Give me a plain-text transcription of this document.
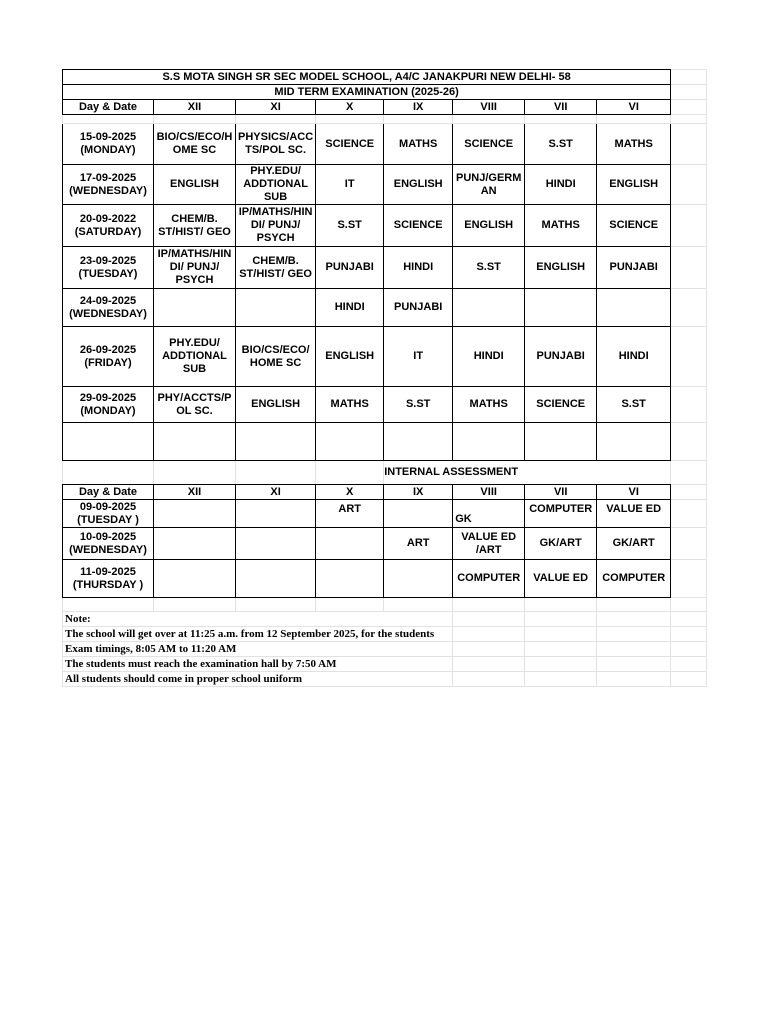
S.S MOTA SINGH SR SEC MODEL SCHOOL, A4/C JANAKPURI NEW DELHI- 58								
MID TERM EXAMINATION (2025-26)								
Day & Date	XII	XI	X	IX	VIII	VII	VI	

15-09-2025
(MONDAY)	BIO/CS/ECO/H OME SC	PHYSICS/ACC TS/POL SC.	SCIENCE	MATHS	SCIENCE	S.ST	MATHS	
17-09-2025
(WEDNESDAY)	ENGLISH	PHY.EDU/ ADDTIONAL SUB	IT	ENGLISH	PUNJ/GERM AN	HINDI	ENGLISH	
20-09-2022
(SATURDAY)	CHEM/B. ST/HIST/ GEO	IP/MATHS/HIN DI/ PUNJ/ PSYCH	S.ST	SCIENCE	ENGLISH	MATHS	SCIENCE	
23-09-2025
(TUESDAY)	IP/MATHS/HIN DI/ PUNJ/ PSYCH	CHEM/B. ST/HIST/ GEO	PUNJABI	HINDI	S.ST	ENGLISH	PUNJABI	
24-09-2025
(WEDNESDAY)			HINDI	PUNJABI				
26-09-2025
(FRIDAY)	PHY.EDU/ ADDTIONAL SUB	BIO/CS/ECO/ HOME SC	ENGLISH	IT	HINDI	PUNJABI	HINDI	
29-09-2025
(MONDAY)	PHY/ACCTS/P OL SC.	ENGLISH	MATHS	S.ST	MATHS	SCIENCE	S.ST	

				INTERNAL ASSESSMENT				
Day & Date	XII	XI	X	IX	VIII	VII	VI	
09-09-2025
(TUESDAY )			ART		GK	COMPUTER	VALUE ED	
10-09-2025
(WEDNESDAY)				ART	VALUE ED /ART	GK/ART	GK/ART	
11-09-2025
(THURSDAY )					COMPUTER	VALUE ED	COMPUTER	

Note:								
The school will get over at 11:25 a.m. from 12 September 2025, for the students								
Exam timings, 8:05 AM to 11:20 AM								
The students must reach the examination hall by 7:50 AM								
All students should come in proper school uniform								
